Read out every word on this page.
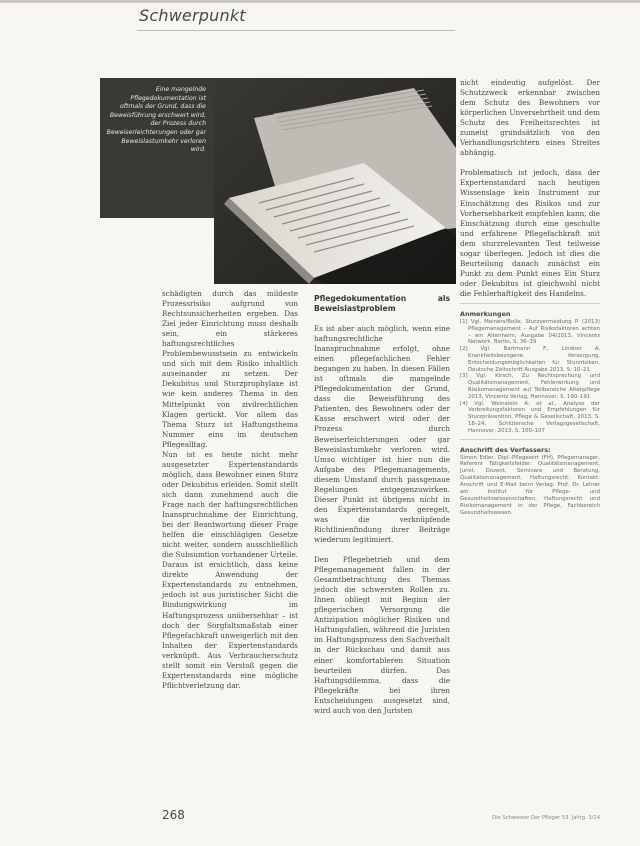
Schwerpunkt
Eine mangelnde Pflegedokumentation ist oftmals der Grund, dass die Beweisführung erschwert wird, der Prozess durch Beweiserleichterungen oder gar Beweislastumkehr verloren wird.

schädigten durch das mildeste Prozessrisiko aufgrund von Rechtsunsicherheiten ergeben. Das Ziel jeder Einrichtung muss deshalb sein, ein stärkeres haftungsrechtliches Problembewusstsein zu entwickeln und sich mit dem Risiko inhaltlich auseinander zu setzen. Der Dekubitus und Sturzprophylaxe ist wie kein anderes Thema in den Mittelpunkt von zivilrechtlichen Klagen gerückt. Vor allem das Thema Sturz ist Haftungsthema Nummer eins im deutschen Pflegealltag.

Nun ist es heute nicht mehr ausgesetzter Expertenstandards möglich, dass Bewohner einen Sturz oder Dekubitus erleiden. Somit stellt sich dann zunehmend auch die Frage nach der haftungsrechtlichen Inanspruchnahme der Einrichtung, bei der Beantwortung dieser Frage helfen die einschlägigen Gesetze nicht weiter, sondern ausschließlich die Subsumtion vorhandener Urteile. Daraus ist ersichtlich, dass keine direkte Anwendung der Expertenstandards zu entnehmen, jedoch ist aus juristischer Sicht die Bindungswirkung im Haftungsprozess unübersehbar – ist doch der Sorgfaltsmaßstab einer Pflegefachkraft unweigerlich mit den Inhalten der Expertenstandards verknüpft. Aus Verbraucherschutz stellt somit ein Verstoß gegen die Expertenstandards eine mögliche Pflichtverletzung dar.

Pflegedokumentation als Beweislastproblem

Es ist aber auch möglich, wenn eine haftungsrechtliche Inanspruchnahme erfolgt, ohne einen pflegefachlichen Fehler begangen zu haben. In diesen Fällen ist oftmals die mangelnde Pflegedokumentation der Grund, dass die Beweisführung des Patienten, des Bewohners oder der Kasse erschwert wird oder der Prozess durch Beweiserleichterungen oder gar Beweislastumkehr verloren wird. Umso wichtiger ist hier nun die Aufgabe des Pflegemanagements, diesem Umstand durch passgenaue Regelungen entgegenzuwirken. Dieser Punkt ist übrigens nicht in den Expertenstandards geregelt, was die verknüpfende Richtlinienfindung ihrer Beiträge wiederum legitimiert.

Den Pflegebetrieb und dem Pflegemanagement fallen in der Gesamtbetrachtung des Themas jedoch die schwersten Rollen zu. Ihnen obliegt mit Beginn der pflegerischen Versorgung die Antizipation möglicher Risiken und Haftungsfallen, während die Juristen im Haftungsprozess den Sachverhalt in der Rückschau und damit aus einer komfortableren Situation beurteilen dürfen. Das Haftungsdilemma, dass die Pflegekräfte bei ihren Entscheidungen ausgesetzt sind, wird auch von den Juristen

nicht eindeutig aufgelöst. Der Schutzzweck erkennbar zwischen dem Schutz des Bewohners vor körperlichen Unversehrtheit und dem Schutz des Freiheitsrechtes ist zumeist grundsätzlich von den Verhandlungsrichtern eines Streites abhängig.

Problematisch ist jedoch, dass der Expertenstandard nach heutigen Wissenslage kein Instrument zur Einschätzung des Risikos und zur Vorhersehbarkeit empfehlen kann, die Einschätzung durch eine geschulte und erfahrene Pflegefachkraft mit dem sturzrelevanten Test teilweise sogar überlegen. Jedoch ist dies die Beurteilung danach zunächst ein Punkt zu dem Punkt eines Ein Sturz oder Dekubitus ist gleichwohl nicht die Fehlerhaftigkeit des Handelns.

Anmerkungen

[1] Vgl. Meiners/Bolle, Sturzvermeidung P. (2013) Pflegemanagement – Auf Risikofaktoren achten – ein Altenheim, Ausgabe 04/2013, Vincentz Network, Berlin, S. 36–39

[2] Vgl. Bartmann F., Lindner A. Krankheitsbezogene Versorgung, Entscheidungsmöglichkeiten für Sturzrisiken, Deutsche Zeitschrift Ausgabe 2013, S. 10–21

[3] Vgl. Kirsch, Zu Rechtsprechung und Qualitätsmanagement, Fehlerwirkung und Risikomanagement auf Teilbereiche Altenpflege 2013, Vincentz Verlag, Hannover, S. 190–191

[4] Vgl. Weinstein A. et al., Analyse der Verbreitungsfaktoren und Empfehlungen für Sturzprävention, Pflege & Gesellschaft, 2013, S. 18–24, Schlütersche Verlagsgesellschaft, Hannover, 2013, S. 100–107

Anschrift des Verfassers:
Simon Edler, Dipl.-Pflegewirt (FH), Pflegemanager, Referent Tätigkeitsfelder: Qualitätsmanagement, Jurist, Dozent, Seminare und Beratung, Qualitätsmanagement, Haftungsrecht. Kontakt: Anschrift und E-Mail beim Verlag. Prof. Dr. Lehrer am Institut für Pflege- und Gesundheitswissenschaften, Haftungsrecht und Risikomanagement in der Pflege, Fachbereich Gesundheitswesen.
268	Die Schwester Der Pfleger 53. Jahrg. 3/14
